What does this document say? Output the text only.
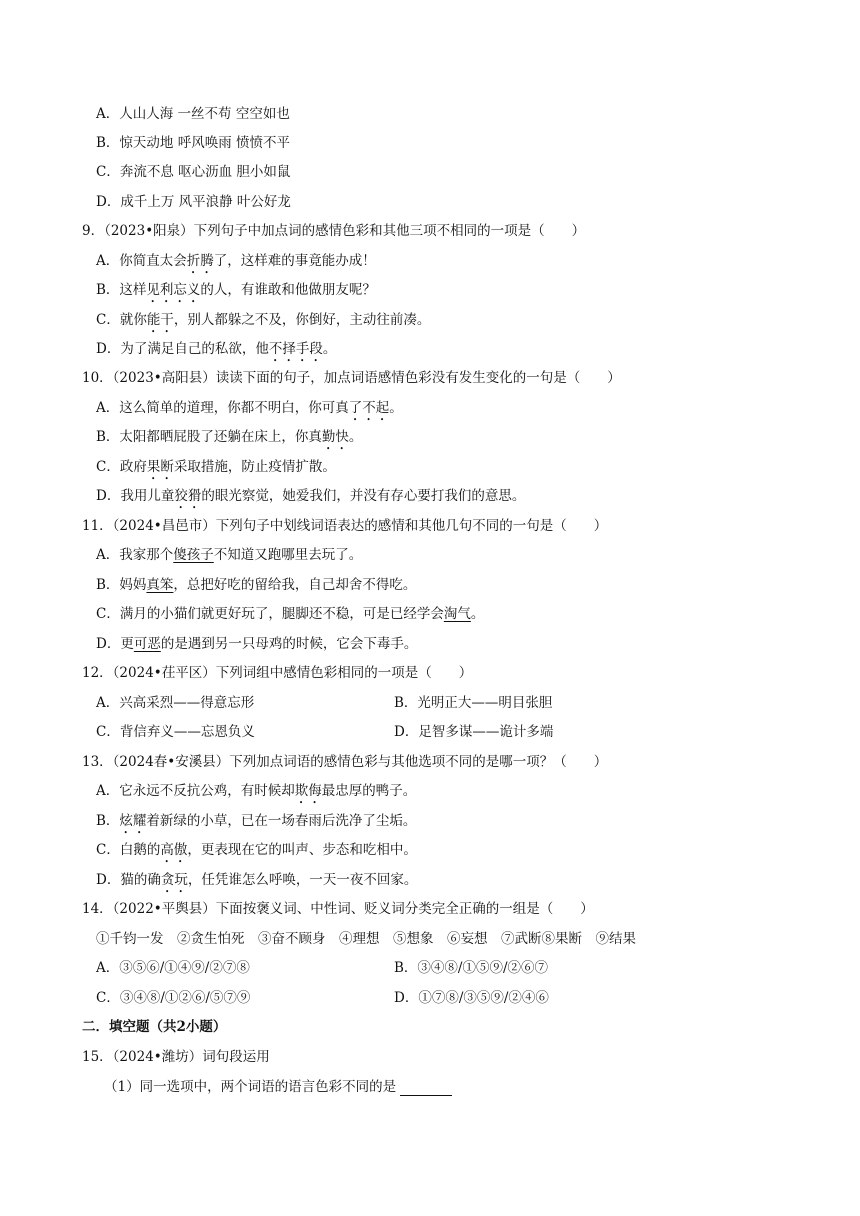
A．人山人海 一丝不苟 空空如也
B．惊天动地 呼风唤雨 愤愤不平
C．奔流不息 呕心沥血 胆小如鼠
D．成千上万 风平浪静 叶公好龙
9．（2023•阳泉）下列句子中加点词的感情色彩和其他三项不相同的一项是（　　）
A．你简直太会折腾了，这样难的事竟能办成！
B．这样见利忘义的人，有谁敢和他做朋友呢？
C．就你能干，别人都躲之不及，你倒好，主动往前凑。
D．为了满足自己的私欲，他不择手段。
10．（2023•高阳县）读读下面的句子，加点词语感情色彩没有发生变化的一句是（　　）
A．这么简单的道理，你都不明白，你可真了不起。
B．太阳都晒屁股了还躺在床上，你真勤快。
C．政府果断采取措施，防止疫情扩散。
D．我用儿童狡猾的眼光察觉，她爱我们，并没有存心要打我们的意思。
11．（2024•昌邑市）下列句子中划线词语表达的感情和其他几句不同的一句是（　　）
A．我家那个傻孩子不知道又跑哪里去玩了。
B．妈妈真笨，总把好吃的留给我，自己却舍不得吃。
C．满月的小猫们就更好玩了，腿脚还不稳，可是已经学会淘气。
D．更可恶的是遇到另一只母鸡的时候，它会下毒手。
12．（2024•茌平区）下列词组中感情色彩相同的一项是（　　）
A．兴高采烈——得意忘形	B．光明正大——明目张胆
C．背信弃义——忘恩负义	D．足智多谋——诡计多端
13．（2024春•安溪县）下列加点词语的感情色彩与其他选项不同的是哪一项？（　　）
A．它永远不反抗公鸡，有时候却欺侮最忠厚的鸭子。
B．炫耀着新绿的小草，已在一场春雨后洗净了尘垢。
C．白鹅的高傲，更表现在它的叫声、步态和吃相中。
D．猫的确贪玩，任凭谁怎么呼唤，一天一夜不回家。
14．（2022•平舆县）下面按褒义词、中性词、贬义词分类完全正确的一组是（　　）
①千钧一发　②贪生怕死　③奋不顾身　④理想　⑤想象　⑥妄想　⑦武断⑧果断　⑨结果
A．③⑤⑥/①④⑨/②⑦⑧	B．③④⑧/①⑤⑨/②⑥⑦
C．③④⑧/①②⑥/⑤⑦⑨	D．①⑦⑧/③⑤⑨/②④⑥
二．填空题（共2小题）
15．（2024•潍坊）词句段运用
（1）同一选项中，两个词语的语言色彩不同的是
